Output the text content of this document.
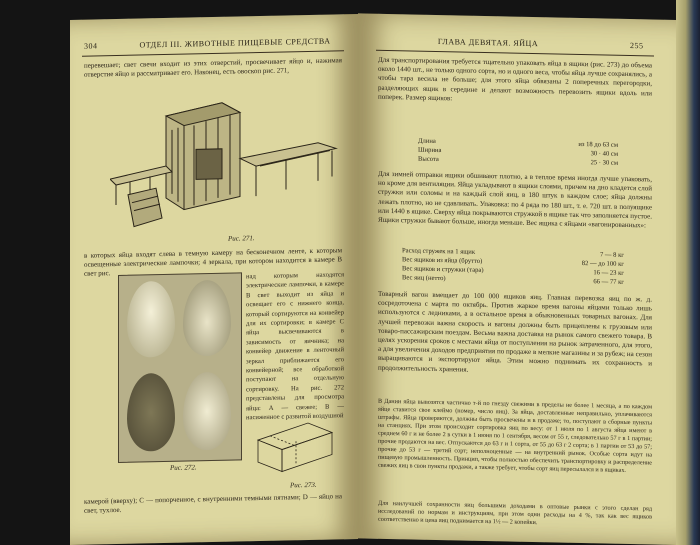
304	ОТДЕЛ III. ЖИВОТНЫЕ ПИЩЕВЫЕ СРЕДСТВА
перевешает; свет свечи входит из этих отверстий, просвечивает яйцо и, нажимая отверстие яйцо и рассматривает его. Наконец, есть овоскоп рис. 271,
Рис. 271.
в которых яйца входят слева в темную камеру на бесконечном ленте, к которым освещенные электрические лампочки; 4 зеркала, при котором находится в камере В свет рис.
Рис. 272.
над которым находятся электрические лампочки, в камере В свет выходит из яйца и освещает его с нижнего конца, который сортируются на конвейер для их сортировки; в камере С яйца высвечиваются в зависимость от яичника; на конвейер движение в ленточный зеркал приближается его конвейерной; все обработкой поступают на отдельную сортировку. На рис. 272 представлены для просмотра яйца: А — свежее; В — насиженное с развитой воздушной
Рис. 273.
камерой (вверху); С — попорченное, с внутренними темными пятнами; D — яйцо на свет, тухлое.
ГЛАВА ДЕВЯТАЯ. ЯЙЦА	255
Для транспортирования требуется тщательно упаковать яйца в ящики (рис. 273) до объема около 1440 шт., не только одного сорта, но и одного веса, чтобы яйца лучше сохранялись, а чтобы тара весила не больше; для этого яйца обвязаны 2 поперечных перегородки, разделяющих ящик в середине и делают возможность перевозить ящики вдоль или поперек. Размер ящиков:
Длина	из 18 до 63 см
Ширина	30 · 40 см
Высота	25 · 30 см
Для зимней отправки ящики обшивают плотно, а в теплое время иногда лучше упаковать, но кроме для вентиляции. Яйца укладывают в ящики слоями, причем на дно кладется слой стружки или соломы и на каждый слой яиц, в 180 штук в каждом слое; яйца должны лежать плотно, но не сдавливать. Упаковка: по 4 ряда по 180 шт., т. е. 720 шт. в полуящике или 1440 в ящике. Сверху яйца покрываются стружкой в ящике так что заполняется пустое. Ящики стружки бывают больше, иногда меньше. Вес ящика с яйцами «вагонированных»:
Расход стружек на 1 ящик	7 — 8 кг
Вес ящиков из яйца (брутто)	82 — до 100 кг
Вес ящиков и стружки (тара)	16 — 23 кг
Вес яиц (нетто)	66 — 77 кг
Товарный вагон вмещает до 100 000 ящиков яиц. Главная перевозка яиц по ж. д. сосредоточена с марта по октябрь. Против жаркое время вагоны яйцами только лишь используются с ледниками, а в остальное время в обыкновенных товарных вагонах. Для лучшей перевозки важна скорость и вагоны должны быть прицеплены к грузовым или товаро-пассажирским поездам. Весьма важна доставка на рынок самого свежего товара. В целях ускорения сроков с местами яйца от поступления на рынок затраченного, для этого, а для увеличения доходов предприятия по продаже в мелкие магазины и за рубеж; на сезон выращиваются и экспортируют яйца. Этим можно поднимать их сохранность и продолжительность хранения.
В Дании яйца вывозятся частично т-й по гнезду свежими в пределы не более 1 месяца, а по каждом яйце ставится свое клеймо (номер, число яиц). За яйца, доставленные неправильно, уплачиваются штрафы. Яйца проверяются, должны быть просвечены и в продаже; то, поступают в сборные пункты на станциях. При этом происходит сортировка яиц по весу: от 1 июля по 1 августа яйца имеют в среднем 60 г и не более 2 в сутки в 1 июня по 1 сентября, весом от 55 г, следовательно 57 г в 1 партии; прочие продаются на вес. Отпускаются до 63 г и 1 сорта, от 55 до 63 г 2 сорта; в 1 партии от 53 до 57; прочие до 53 г — третий сорт; неполноценные — на внутренний рынок. Особые сорта идут на пищевую промышленность. Принцип, чтобы полностью обеспечить транспортировку и распределение свежих яиц в свои пункты продажи, а также требует, чтобы сорт яиц пересылался и в ящиках.
Для наилучшей сохранности яиц большими доходами в оптовые рынки с этого сделан ряд исследований по нормам и инструкциям, при этом одни расходы на 4 %, так как вес ящиков соответственно и цена яиц поднимается на 1½ — 2 копейки.
